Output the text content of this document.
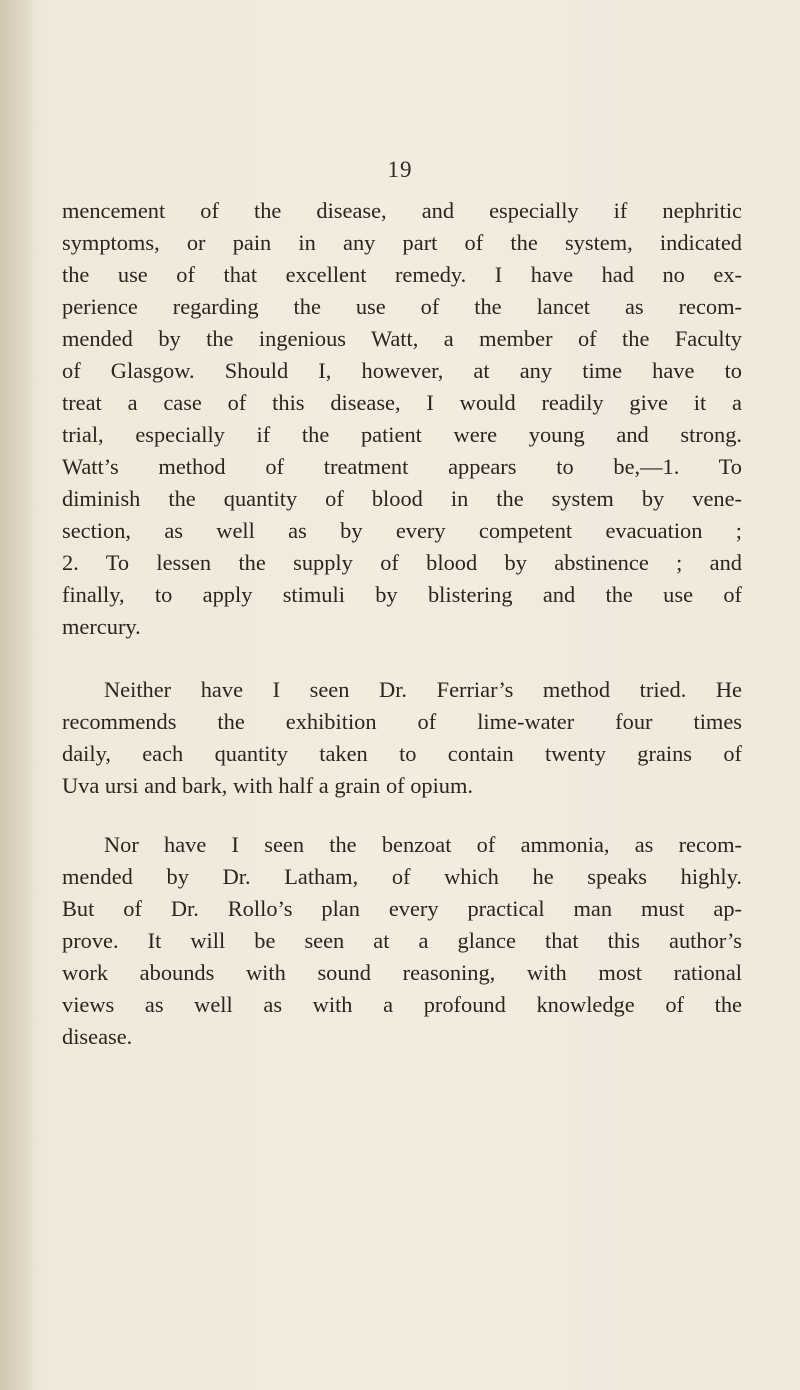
19

mencement of the disease, and especially if nephritic
symptoms, or pain in any part of the system, indicated
the use of that excellent remedy. I have had no ex-
perience regarding the use of the lancet as recom-
mended by the ingenious Watt, a member of the Faculty
of Glasgow. Should I, however, at any time have to
treat a case of this disease, I would readily give it a
trial, especially if the patient were young and strong.
Watt’s method of treatment appears to be,—1. To
diminish the quantity of blood in the system by vene-
section, as well as by every competent evacuation ;
2. To lessen the supply of blood by abstinence ; and
finally, to apply stimuli by blistering and the use of
mercury.

Neither have I seen Dr. Ferriar’s method tried. He
recommends the exhibition of lime-water four times
daily, each quantity taken to contain twenty grains of
Uva ursi and bark, with half a grain of opium.

Nor have I seen the benzoat of ammonia, as recom-
mended by Dr. Latham, of which he speaks highly.
But of Dr. Rollo’s plan every practical man must ap-
prove. It will be seen at a glance that this author’s
work abounds with sound reasoning, with most rational
views as well as with a profound knowledge of the
disease.
